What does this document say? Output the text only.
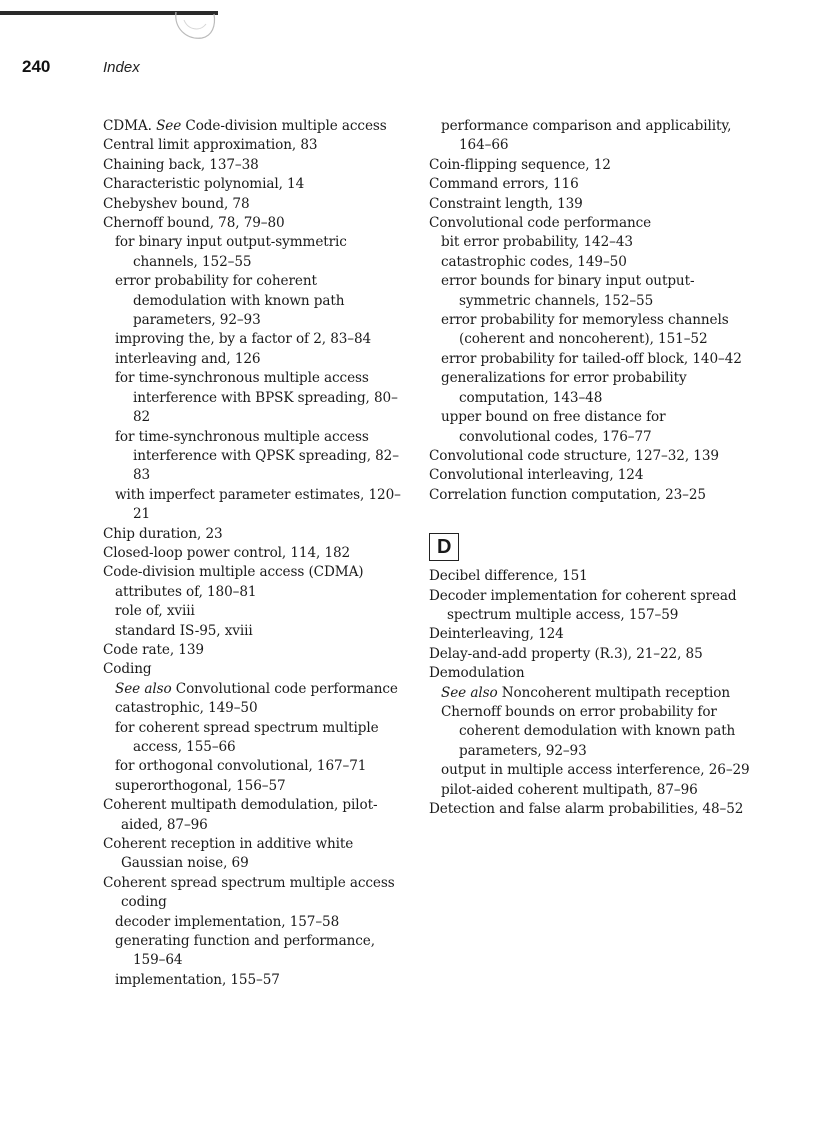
240	Index

CDMA. See Code-division multiple access

Central limit approximation, 83

Chaining back, 137–38

Characteristic polynomial, 14

Chebyshev bound, 78

Chernoff bound, 78, 79–80

for binary input output-symmetric channels, 152–55

error probability for coherent demodulation with known path parameters, 92–93

improving the, by a factor of 2, 83–84

interleaving and, 126

for time-synchronous multiple access interference with BPSK spreading, 80–82

for time-synchronous multiple access interference with QPSK spreading, 82–83

with imperfect parameter estimates, 120–21

Chip duration, 23

Closed-loop power control, 114, 182

Code-division multiple access (CDMA)

attributes of, 180–81

role of, xviii

standard IS-95, xviii

Code rate, 139

Coding

See also Convolutional code performance

catastrophic, 149–50

for coherent spread spectrum multiple access, 155–66

for orthogonal convolutional, 167–71

superorthogonal, 156–57

Coherent multipath demodulation, pilot-aided, 87–96

Coherent reception in additive white Gaussian noise, 69

Coherent spread spectrum multiple access coding

decoder implementation, 157–58

generating function and performance, 159–64

implementation, 155–57

performance comparison and applicability, 164–66

Coin-flipping sequence, 12

Command errors, 116

Constraint length, 139

Convolutional code performance

bit error probability, 142–43

catastrophic codes, 149–50

error bounds for binary input output-symmetric channels, 152–55

error probability for memoryless channels (coherent and noncoherent), 151–52

error probability for tailed-off block, 140–42

generalizations for error probability computation, 143–48

upper bound on free distance for convolutional codes, 176–77

Convolutional code structure, 127–32, 139

Convolutional interleaving, 124

Correlation function computation, 23–25

D

Decibel difference, 151

Decoder implementation for coherent spread spectrum multiple access, 157–59

Deinterleaving, 124

Delay-and-add property (R.3), 21–22, 85

Demodulation

See also Noncoherent multipath reception

Chernoff bounds on error probability for coherent demodulation with known path parameters, 92–93

output in multiple access interference, 26–29

pilot-aided coherent multipath, 87–96

Detection and false alarm probabilities, 48–52
